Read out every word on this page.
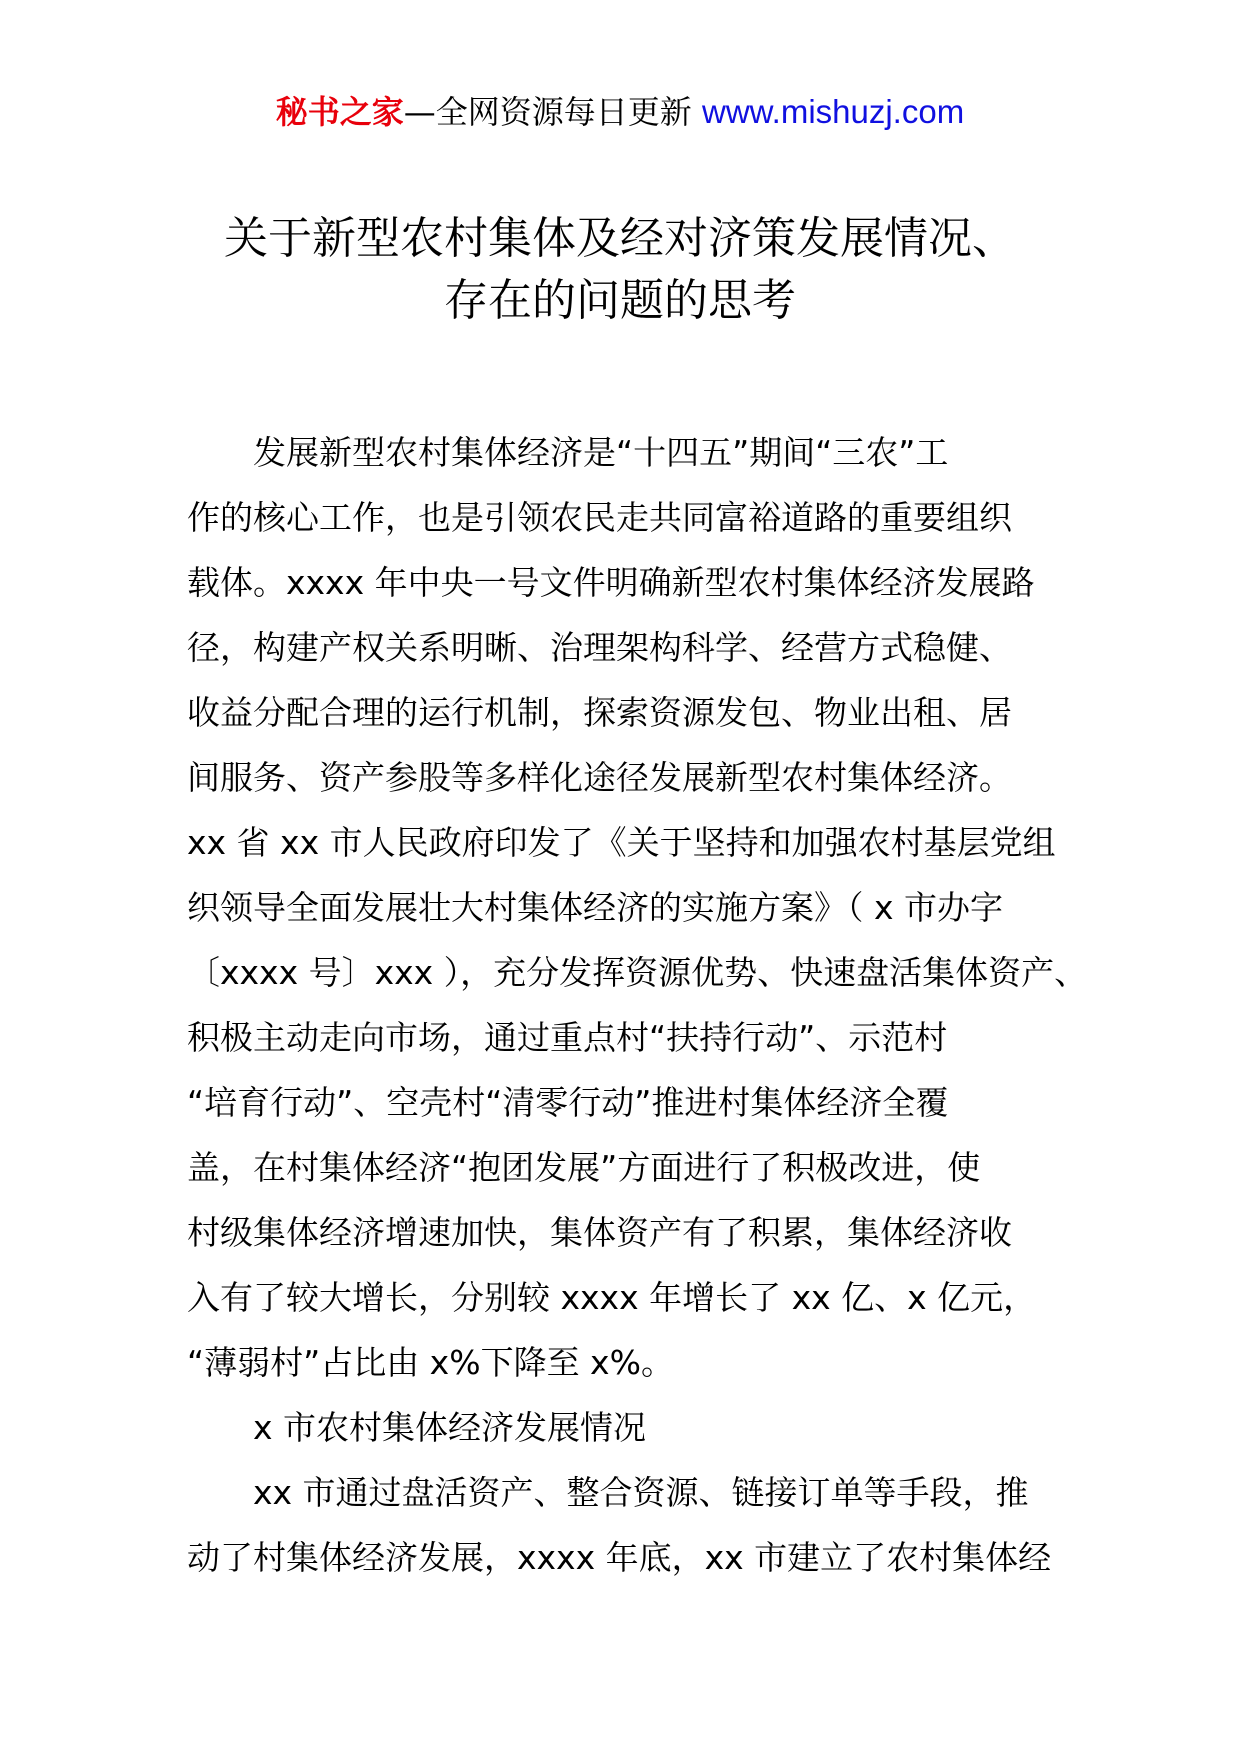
秘书之家—全网资源每日更新 www.mishuzj.com
关于新型农村集体及经对济策发展情况、
存在的问题的思考
发展新型农村集体经济是“十四五”期间“三农”工
作的核心工作，也是引领农民走共同富裕道路的重要组织
载体。xxxx 年中央一号文件明确新型农村集体经济发展路
径，构建产权关系明晰、治理架构科学、经营方式稳健、
收益分配合理的运行机制，探索资源发包、物业出租、居
间服务、资产参股等多样化途径发展新型农村集体经济。
xx 省 xx 市人民政府印发了《关于坚持和加强农村基层党组
织领导全面发展壮大村集体经济的实施方案》（ x 市办字
〔xxxx 号〕xxx ），充分发挥资源优势、快速盘活集体资产、
积极主动走向市场，通过重点村“扶持行动”、示范村
“培育行动”、空壳村“清零行动”推进村集体经济全覆
盖，在村集体经济“抱团发展”方面进行了积极改进，使
村级集体经济增速加快，集体资产有了积累，集体经济收
入有了较大增长，分别较 xxxx 年增长了 xx 亿、x 亿元，
“薄弱村”占比由 x%下降至 x%。
x 市农村集体经济发展情况
xx 市通过盘活资产、整合资源、链接订单等手段，推
动了村集体经济发展，xxxx 年底，xx 市建立了农村集体经
